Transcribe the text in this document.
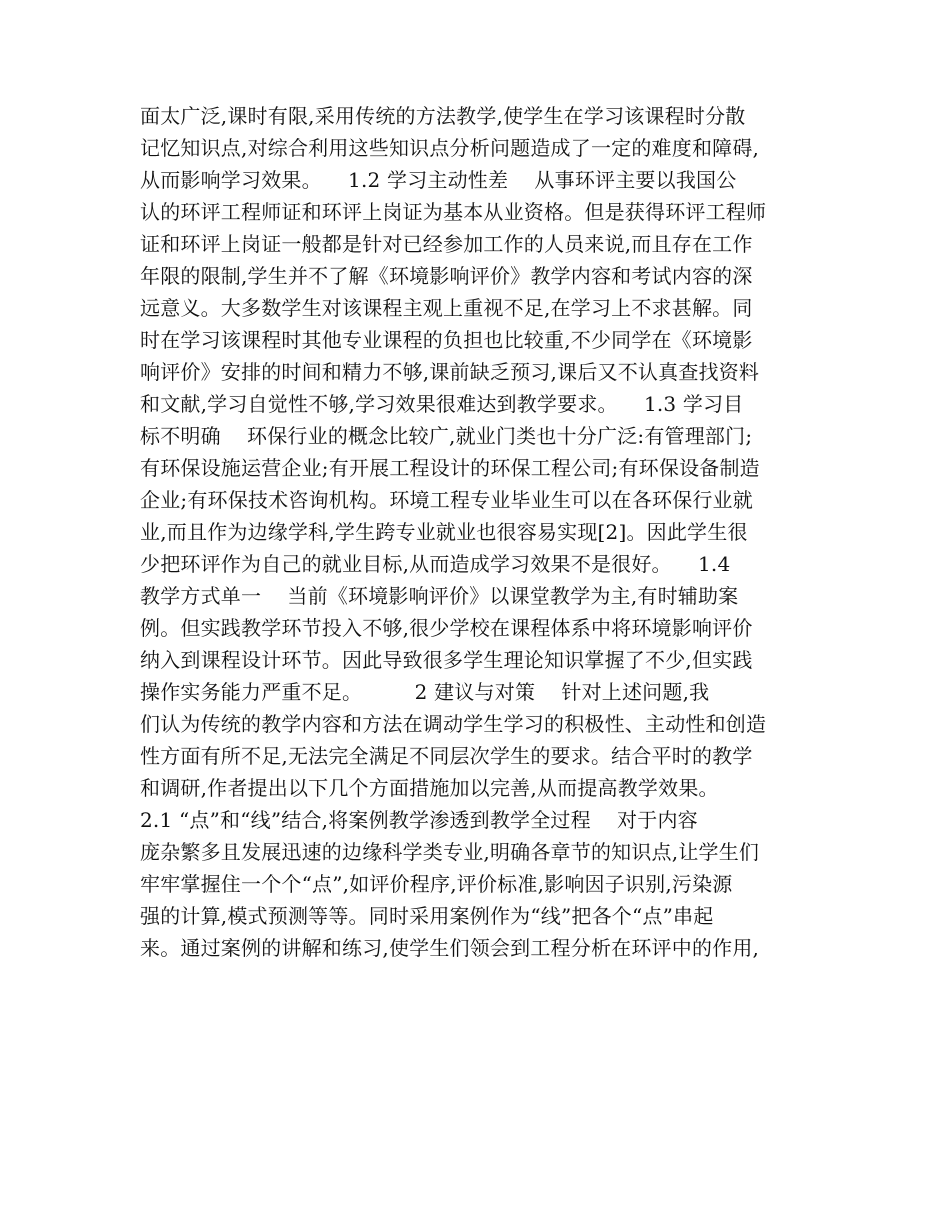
面太广泛,课时有限,采用传统的方法教学,使学生在学习该课程时分散
记忆知识点,对综合利用这些知识点分析问题造成了一定的难度和障碍,
从而影响学习效果。    1.2 学习主动性差    从事环评主要以我国公
认的环评工程师证和环评上岗证为基本从业资格。但是获得环评工程师
证和环评上岗证一般都是针对已经参加工作的人员来说,而且存在工作
年限的限制,学生并不了解《环境影响评价》教学内容和考试内容的深
远意义。大多数学生对该课程主观上重视不足,在学习上不求甚解。同
时在学习该课程时其他专业课程的负担也比较重,不少同学在《环境影
响评价》安排的时间和精力不够,课前缺乏预习,课后又不认真查找资料
和文献,学习自觉性不够,学习效果很难达到教学要求。    1.3 学习目
标不明确    环保行业的概念比较广,就业门类也十分广泛:有管理部门;
有环保设施运营企业;有开展工程设计的环保工程公司;有环保设备制造
企业;有环保技术咨询机构。环境工程专业毕业生可以在各环保行业就
业,而且作为边缘学科,学生跨专业就业也很容易实现[2]。因此学生很
少把环评作为自己的就业目标,从而造成学习效果不是很好。    1.4
教学方式单一    当前《环境影响评价》以课堂教学为主,有时辅助案
例。但实践教学环节投入不够,很少学校在课程体系中将环境影响评价
纳入到课程设计环节。因此导致很多学生理论知识掌握了不少,但实践
操作实务能力严重不足。        2 建议与对策    针对上述问题,我
们认为传统的教学内容和方法在调动学生学习的积极性、主动性和创造
性方面有所不足,无法完全满足不同层次学生的要求。结合平时的教学
和调研,作者提出以下几个方面措施加以完善,从而提高教学效果。
2.1 “点”和“线”结合,将案例教学渗透到教学全过程    对于内容
庞杂繁多且发展迅速的边缘科学类专业,明确各章节的知识点,让学生们
牢牢掌握住一个个“点”,如评价程序,评价标准,影响因子识别,污染源
强的计算,模式预测等等。同时采用案例作为“线”把各个“点”串起
来。通过案例的讲解和练习,使学生们领会到工程分析在环评中的作用,
